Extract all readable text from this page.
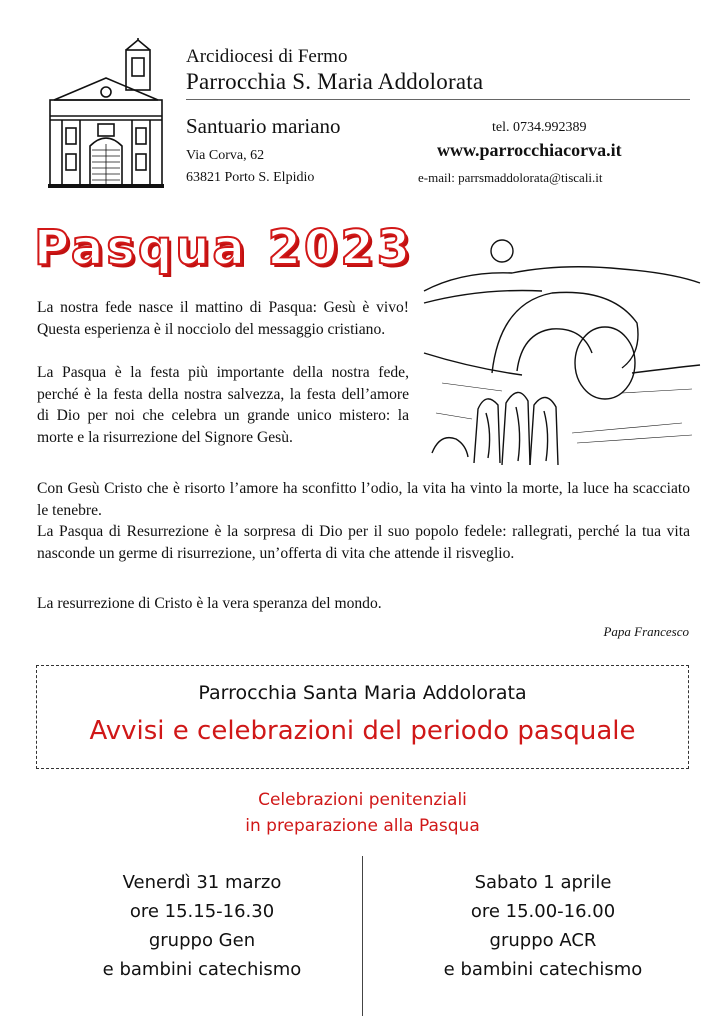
Arcidiocesi di Fermo
Parrocchia S. Maria Addolorata
Santuario mariano
Via Corva, 62
63821 Porto S. Elpidio
tel. 0734.992389
www.parrocchiacorva.it
e-mail: parrsmaddolorata@tiscali.it
Pasqua 2023

La nostra fede nasce il mattino di Pasqua: Gesù è vivo! Questa esperienza è il nocciolo del messaggio cristiano.

La Pasqua è la festa più importante della nostra fede, perché è la festa della nostra salvezza, la festa dell’amore di Dio per noi che celebra un grande unico mistero: la morte e la risurrezione del Signore Gesù.

Con Gesù Cristo che è risorto l’amore ha sconfitto l’odio, la vita ha vinto la morte, la luce ha scacciato le tenebre.

La Pasqua di Resurrezione è la sorpresa di Dio per il suo popolo fedele: rallegrati, perché la tua vita nasconde un germe di risurrezione, un’offerta di vita che attende il risveglio.

La resurrezione di Cristo è la vera speranza del mondo.

Papa Francesco
Parrocchia Santa Maria Addolorata
Avvisi e celebrazioni del periodo pasquale
Celebrazioni penitenziali
in preparazione alla Pasqua
Venerdì 31 marzo
ore 15.15-16.30
gruppo Gen
e bambini catechismo
Sabato 1 aprile
ore 15.00-16.00
gruppo ACR
e bambini catechismo
